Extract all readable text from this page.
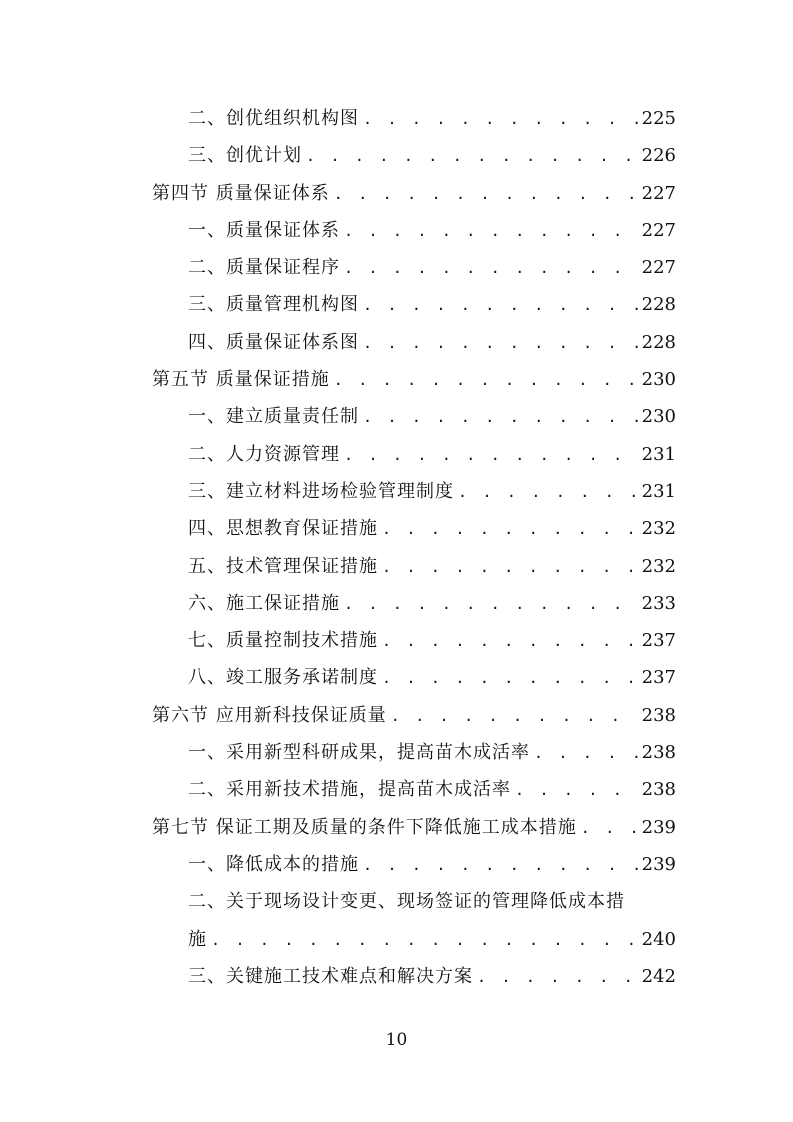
二、创优组织机构图 . . .	225
三、创优计划 . . .	226
第四节 质量保证体系 . . .	227
一、质量保证体系 . . .	227
二、质量保证程序 . . .	227
三、质量管理机构图 . . .	228
四、质量保证体系图 . . .	228
第五节 质量保证措施 . . .	230
一、建立质量责任制 . . .	230
二、人力资源管理 . . .	231
三、建立材料进场检验管理制度 . . .	231
四、思想教育保证措施 . . .	232
五、技术管理保证措施 . . .	232
六、施工保证措施 . . .	233
七、质量控制技术措施 . . .	237
八、竣工服务承诺制度 . . .	237
第六节 应用新科技保证质量 . . .	238
一、采用新型科研成果，提高苗木成活率 . . .	238
二、采用新技术措施，提高苗木成活率 . . .	238
第七节 保证工期及质量的条件下降低施工成本措施 . . .	239
一、降低成本的措施 . . .	239
二、关于现场设计变更、现场签证的管理降低成本措
施 . . .	240
三、关键施工技术难点和解决方案 . . .	242
10
